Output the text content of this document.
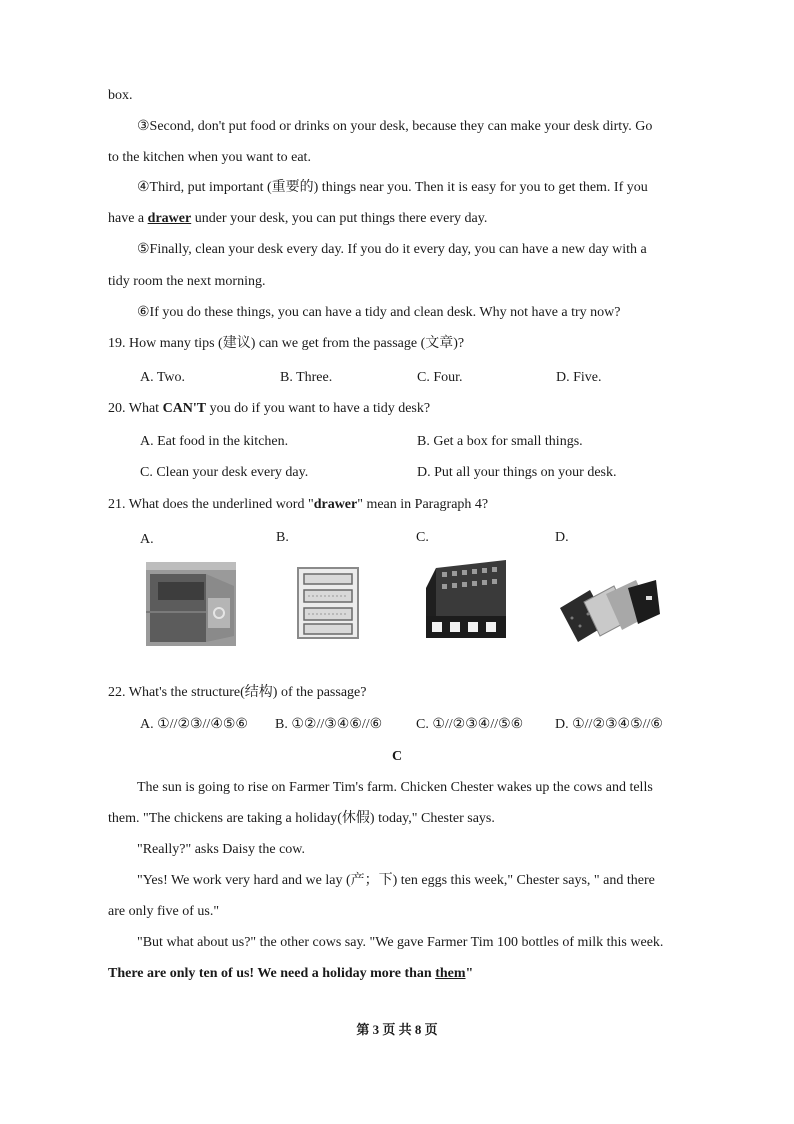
box.
③Second, don't put food or drinks on your desk, because they can make your desk dirty. Go
to the kitchen when you want to eat.
④Third, put important (重要的) things near you. Then it is easy for you to get them. If you
have a drawer under your desk, you can put things there every day.
⑤Finally, clean your desk every day. If you do it every day, you can have a new day with a
tidy room the next morning.
⑥If you do these things, you can have a tidy and clean desk. Why not have a try now?
19. How many tips (建议) can we get from the passage (文章)?
A. Two.	B. Three.	C. Four.	D. Five.
20. What CAN'T you do if you want to have a tidy desk?
A. Eat food in the kitchen.	B. Get a box for small things.
C. Clean your desk every day.	D. Put all your things on your desk.
21. What does the underlined word "drawer" mean in Paragraph 4?
A.	B.	C.	D.
22. What's the structure(结构) of the passage?
A. ①//②③//④⑤⑥ B. ①②//③④⑥//⑥ C. ①//②③④//⑤⑥ D. ①//②③④⑤//⑥
C
The sun is going to rise on Farmer Tim's farm. Chicken Chester wakes up the cows and tells
them. "The chickens are taking a holiday(休假) today," Chester says.
"Really?" asks Daisy the cow.
"Yes! We work very hard and we lay (产；下) ten eggs this week," Chester says, " and there
are only five of us."
"But what about us?" the other cows say. "We gave Farmer Tim 100 bottles of milk this week.
There are only ten of us! We need a holiday more than them"
第 3 页 共 8 页
